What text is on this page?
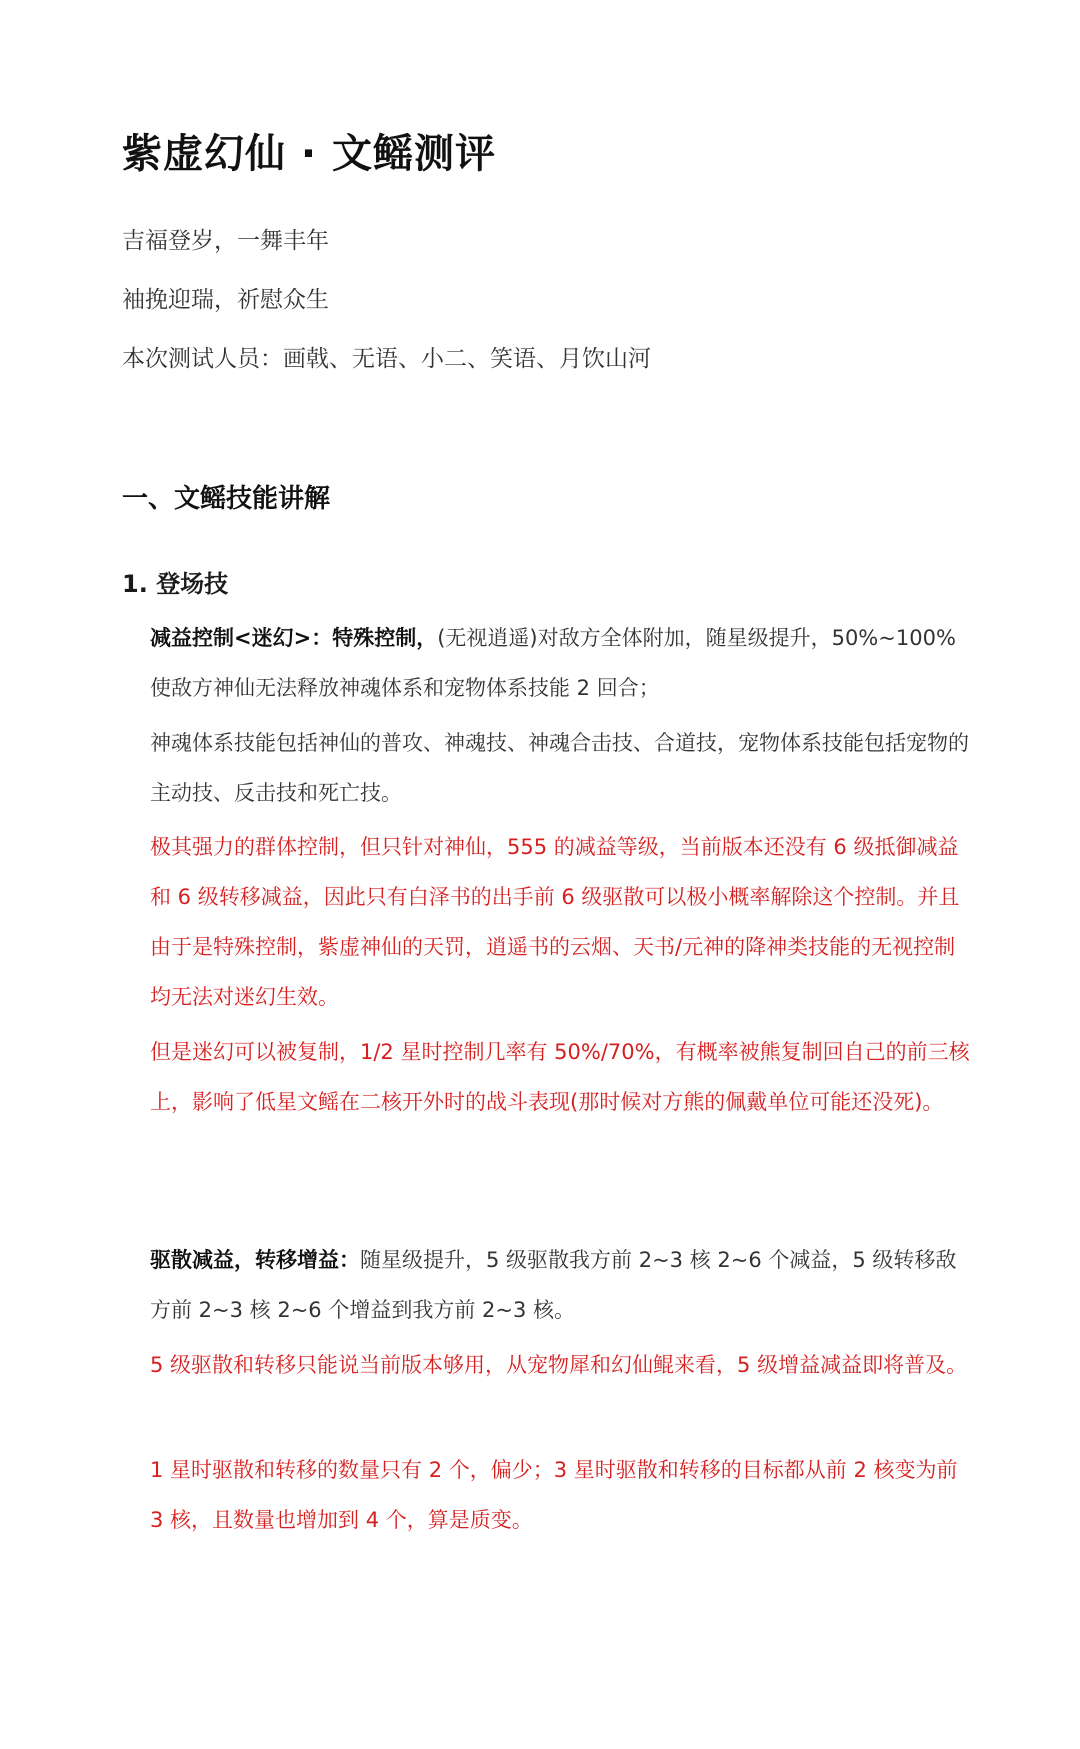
紫虚幻仙 · 文鳐测评

吉福登岁，一舞丰年

袖挽迎瑞，祈慰众生

本次测试人员：画戟、无语、小二、笑语、月饮山河

一、文鳐技能讲解
1. 登场技

减益控制<迷幻>：特殊控制，(无视逍遥)对敌方全体附加，随星级提升，50%~100%使敌方神仙无法释放神魂体系和宠物体系技能 2 回合；

神魂体系技能包括神仙的普攻、神魂技、神魂合击技、合道技，宠物体系技能包括宠物的主动技、反击技和死亡技。

极其强力的群体控制，但只针对神仙，555 的减益等级，当前版本还没有 6 级抵御减益和 6 级转移减益，因此只有白泽书的出手前 6 级驱散可以极小概率解除这个控制。并且由于是特殊控制，紫虚神仙的天罚，逍遥书的云烟、天书/元神的降神类技能的无视控制均无法对迷幻生效。

但是迷幻可以被复制，1/2 星时控制几率有 50%/70%，有概率被熊复制回自己的前三核上，影响了低星文鳐在二核开外时的战斗表现(那时候对方熊的佩戴单位可能还没死)。

驱散减益，转移增益：随星级提升，5 级驱散我方前 2~3 核 2~6 个减益，5 级转移敌方前 2~3 核 2~6 个增益到我方前 2~3 核。

5 级驱散和转移只能说当前版本够用，从宠物犀和幻仙鲲来看，5 级增益减益即将普及。

1 星时驱散和转移的数量只有 2 个，偏少；3 星时驱散和转移的目标都从前 2 核变为前 3 核，且数量也增加到 4 个，算是质变。
